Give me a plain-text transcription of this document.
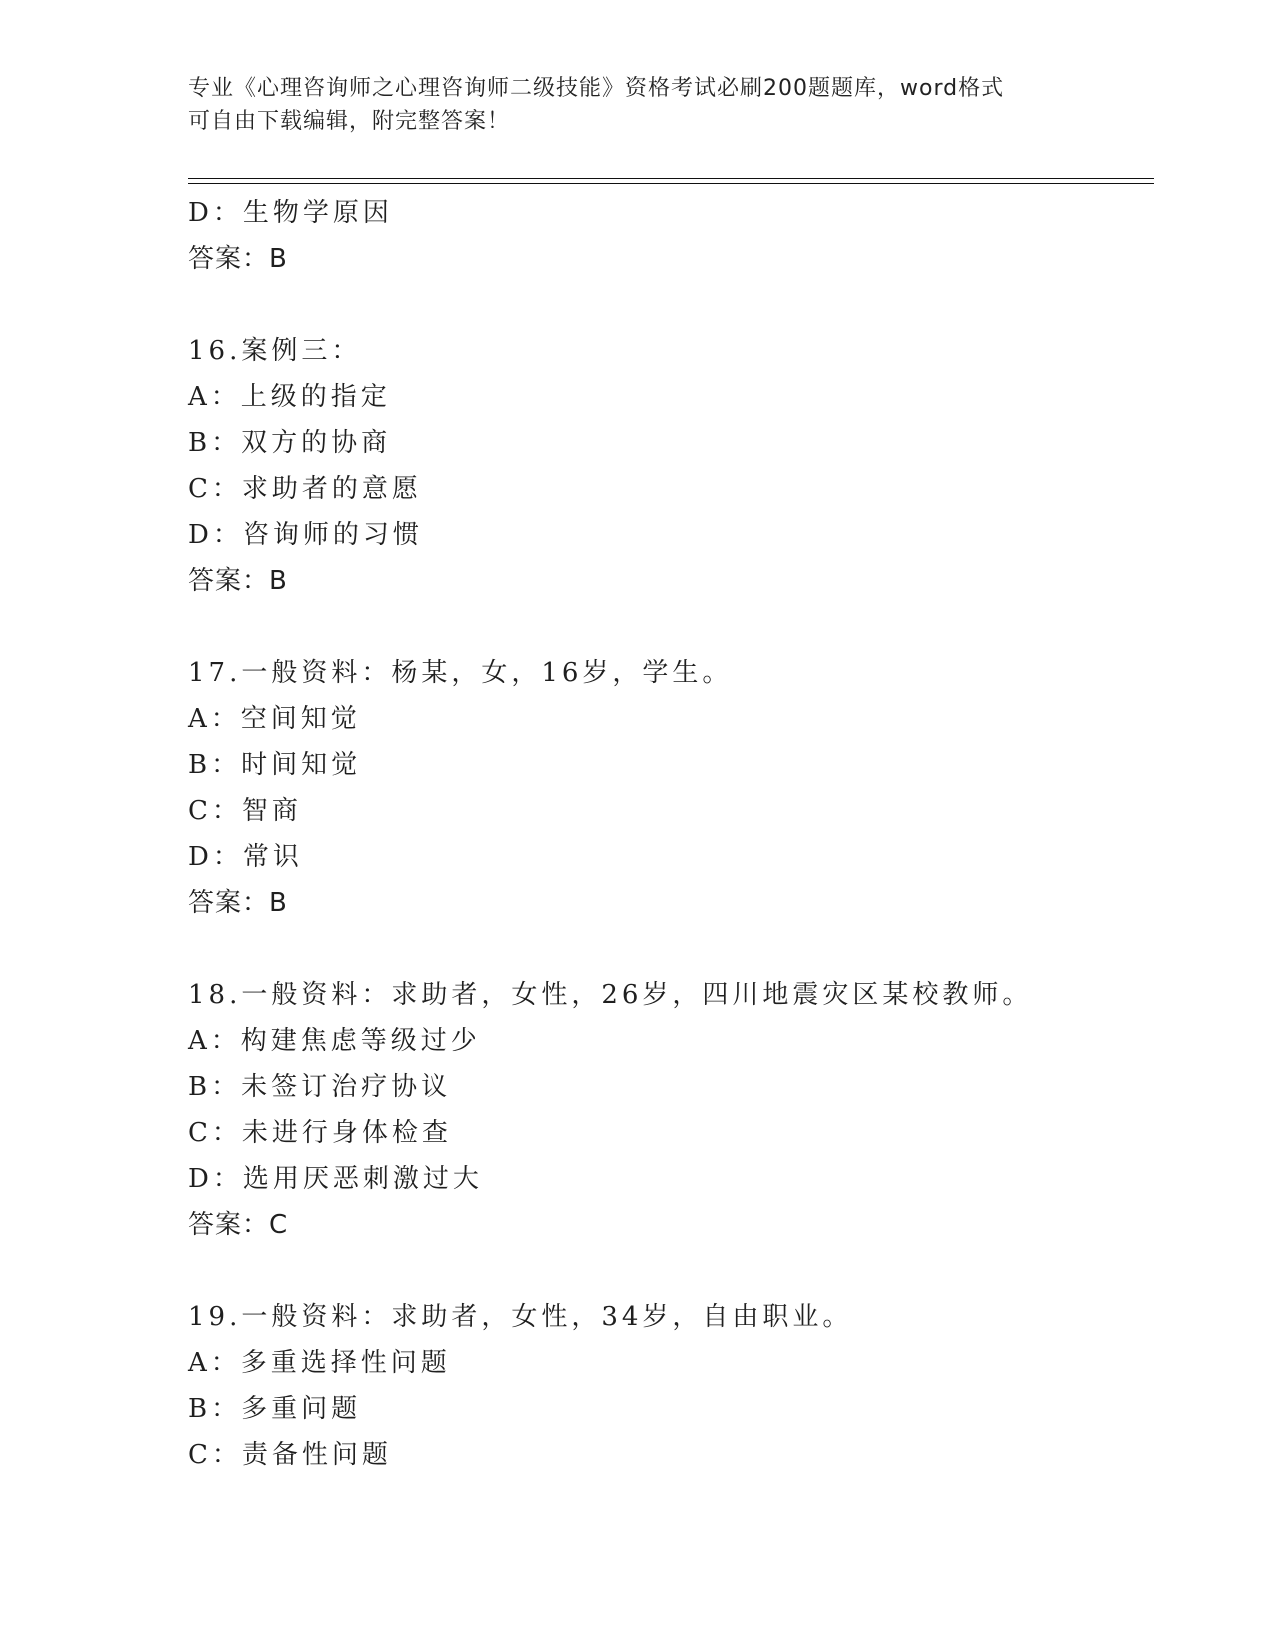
专业《心理咨询师之心理咨询师二级技能》资格考试必刷200题题库，word格式
可自由下载编辑，附完整答案！
D：生物学原因
答案：B
16.案例三：
A：上级的指定
B：双方的协商
C：求助者的意愿
D：咨询师的习惯
答案：B
17.一般资料：杨某，女，16岁，学生。
A：空间知觉
B：时间知觉
C：智商
D：常识
答案：B
18.一般资料：求助者，女性，26岁，四川地震灾区某校教师。
A：构建焦虑等级过少
B：未签订治疗协议
C：未进行身体检查
D：选用厌恶刺激过大
答案：C
19.一般资料：求助者，女性，34岁，自由职业。
A：多重选择性问题
B：多重问题
C：责备性问题
